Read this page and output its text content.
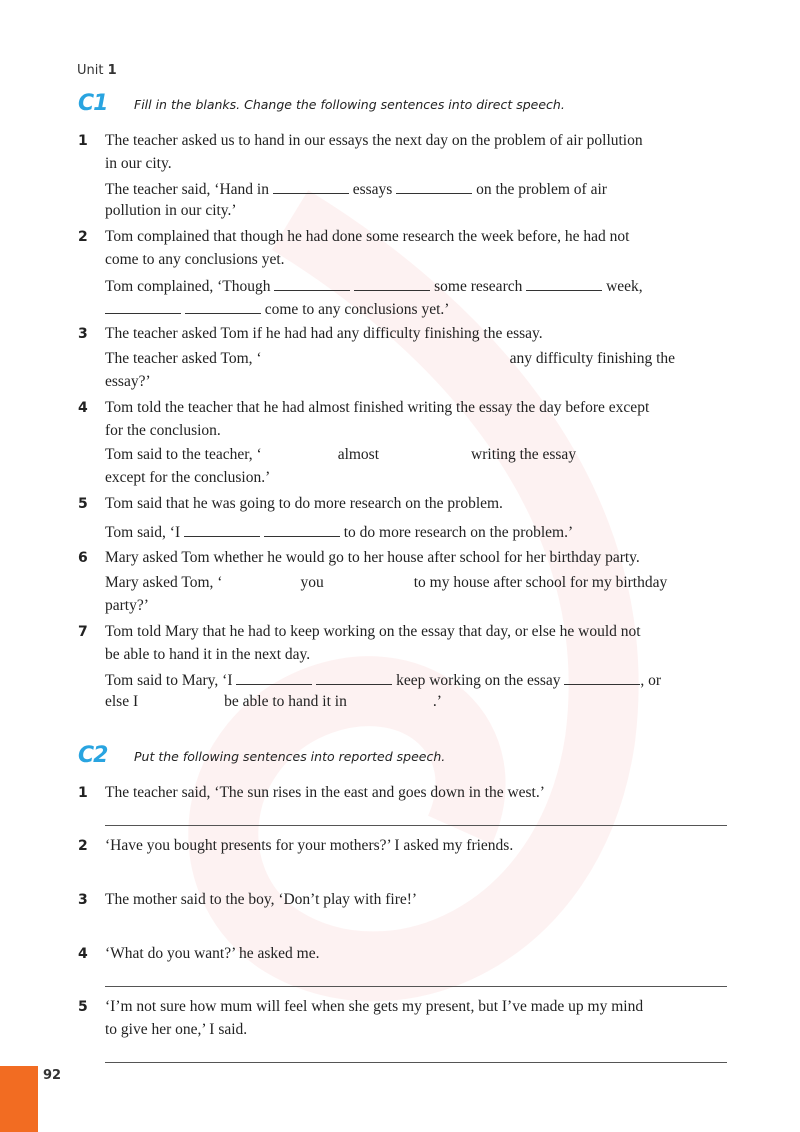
Unit 1
C1 Fill in the blanks. Change the following sentences into direct speech.
1 The teacher asked us to hand in our essays the next day on the problem of air pollution
in our city.
The teacher said, ‘Hand in	essays	on the problem of air
pollution in our city.’
2 Tom complained that though he had done some research the week before, he had not
come to any conclusions yet.
Tom complained, ‘Though	some research	week,
come to any conclusions yet.’
3 The teacher asked Tom if he had had any difficulty finishing the essay.
The teacher asked Tom, ‘	any difficulty finishing the
essay?’
4 Tom told the teacher that he had almost finished writing the essay the day before except
for the conclusion.
Tom said to the teacher, ‘	almost	writing the essay
except for the conclusion.’
5 Tom said that he was going to do more research on the problem.
Tom said, ‘I	to do more research on the problem.’
6 Mary asked Tom whether he would go to her house after school for her birthday party.
Mary asked Tom, ‘	you	to my house after school for my birthday
party?’
7 Tom told Mary that he had to keep working on the essay that day, or else he would not
be able to hand it in the next day.
Tom said to Mary, ‘I	keep working on the essay	, or
else I	be able to hand it in	.’
C2 Put the following sentences into reported speech.
1 The teacher said, ‘The sun rises in the east and goes down in the west.’
2 ‘Have you bought presents for your mothers?’ I asked my friends.
3 The mother said to the boy, ‘Don’t play with fire!’
4 ‘What do you want?’ he asked me.
5 ‘I’m not sure how mum will feel when she gets my present, but I’ve made up my mind
to give her one,’ I said.
92
